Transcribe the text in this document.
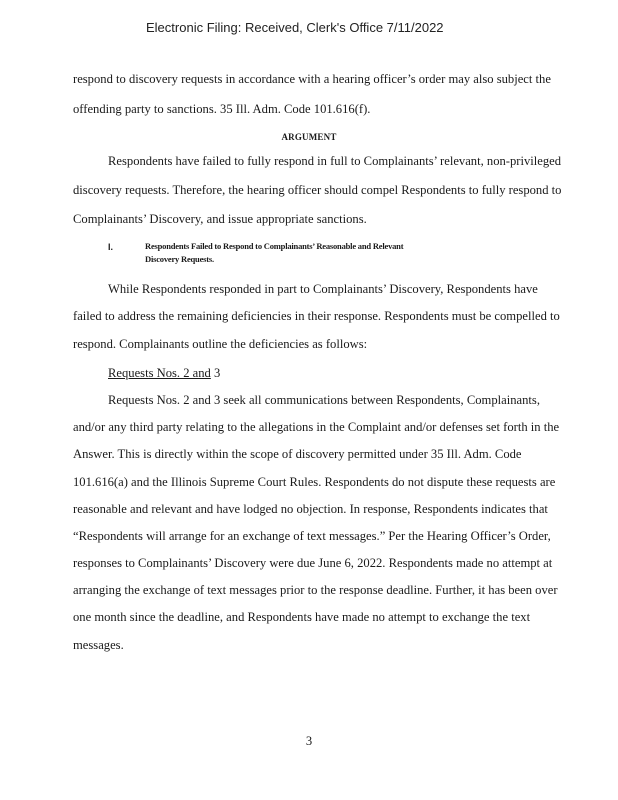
Electronic Filing: Received, Clerk's Office 7/11/2022
respond to discovery requests in accordance with a hearing officer’s order may also subject the
offending party to sanctions. 35 Ill. Adm. Code 101.616(f).
ARGUMENT
Respondents have failed to fully respond in full to Complainants’ relevant, non-privileged
discovery requests. Therefore, the hearing officer should compel Respondents to fully respond to
Complainants’ Discovery, and issue appropriate sanctions.
I.	Respondents Failed to Respond to Complainants’ Reasonable and Relevant
Discovery Requests.
While Respondents responded in part to Complainants’ Discovery, Respondents have
failed to address the remaining deficiencies in their response. Respondents must be compelled to
respond. Complainants outline the deficiencies as follows:
Requests Nos. 2 and 3
Requests Nos. 2 and 3 seek all communications between Respondents, Complainants,
and/or any third party relating to the allegations in the Complaint and/or defenses set forth in the
Answer. This is directly within the scope of discovery permitted under 35 Ill. Adm. Code
101.616(a) and the Illinois Supreme Court Rules. Respondents do not dispute these requests are
reasonable and relevant and have lodged no objection. In response, Respondents indicates that
“Respondents will arrange for an exchange of text messages.” Per the Hearing Officer’s Order,
responses to Complainants’ Discovery were due June 6, 2022. Respondents made no attempt at
arranging the exchange of text messages prior to the response deadline. Further, it has been over
one month since the deadline, and Respondents have made no attempt to exchange the text
messages.
3
